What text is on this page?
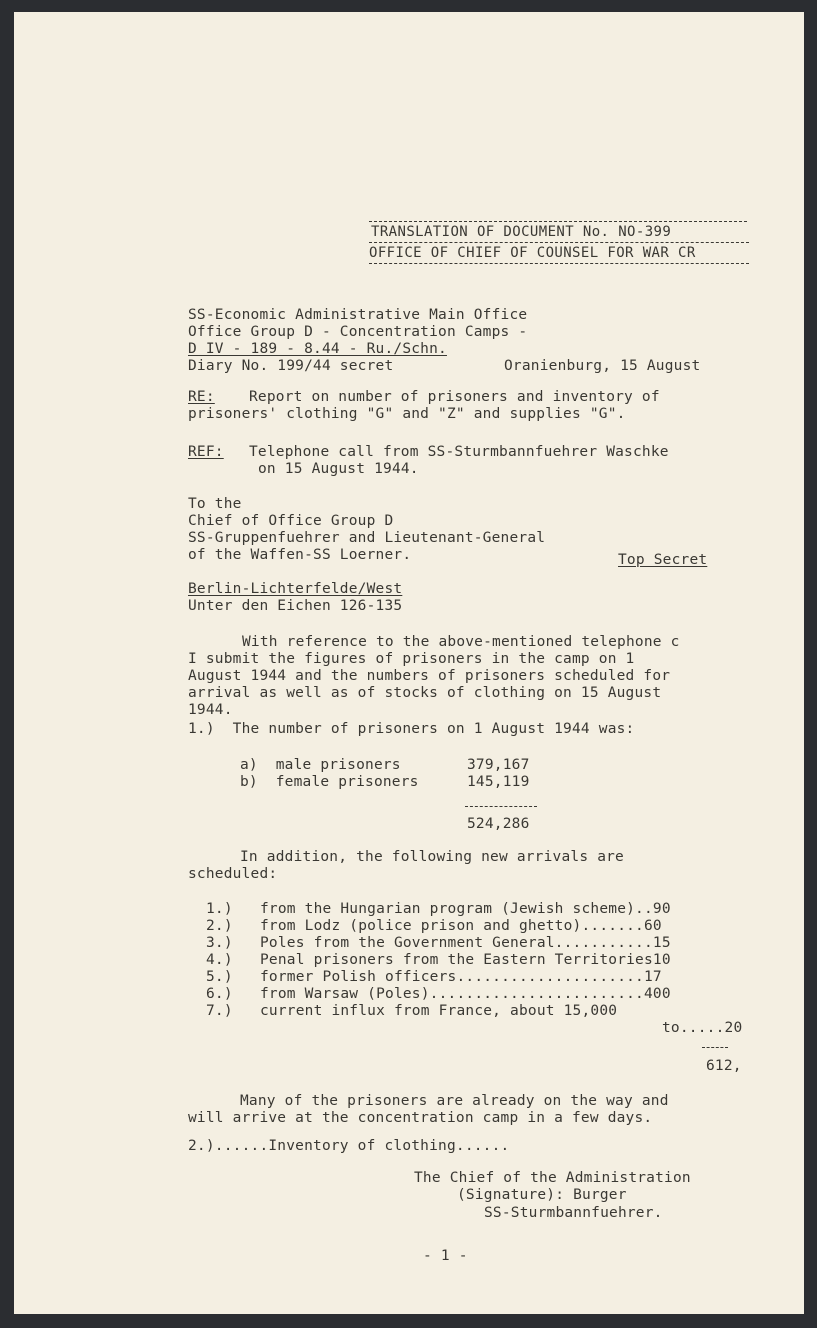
TRANSLATION OF DOCUMENT No. NO-399
OFFICE OF CHIEF OF COUNSEL FOR WAR CR
SS-Economic Administrative Main Office
Office Group D - Concentration Camps -
D IV - 189 - 8.44 - Ru./Schn.
Diary No. 199/44 secret	Oranienburg, 15 August
RE: Report on number of prisoners and inventory of
prisoners' clothing "G" and "Z" and supplies "G".
REF: Telephone call from SS-Sturmbannfuehrer Waschke
on 15 August 1944.
To the
Chief of Office Group D
SS-Gruppenfuehrer and Lieutenant-General
of the Waffen-SS Loerner.	Top Secret
Berlin-Lichterfelde/West
Unter den Eichen 126-135
With reference to the above-mentioned telephone c
I submit the figures of prisoners in the camp on 1
August 1944 and the numbers of prisoners scheduled for
arrival as well as of stocks of clothing on 15 August
1944.
1.)  The number of prisoners on 1 August 1944 was:
a)  male prisoners	379,167
b)  female prisoners	145,119
524,286
In addition, the following new arrivals are
scheduled:
1.) from the Hungarian program (Jewish scheme)..90
2.) from Lodz (police prison and ghetto).......60
3.) Poles from the Government General...........15
4.) Penal prisoners from the Eastern Territories10
5.) former Polish officers.....................17
6.) from Warsaw (Poles)........................400
7.) current influx from France, about 15,000
to.....20
612,
Many of the prisoners are already on the way and
will arrive at the concentration camp in a few days.
2.)......Inventory of clothing......
The Chief of the Administration
(Signature): Burger
SS-Sturmbannfuehrer.
- 1 -
